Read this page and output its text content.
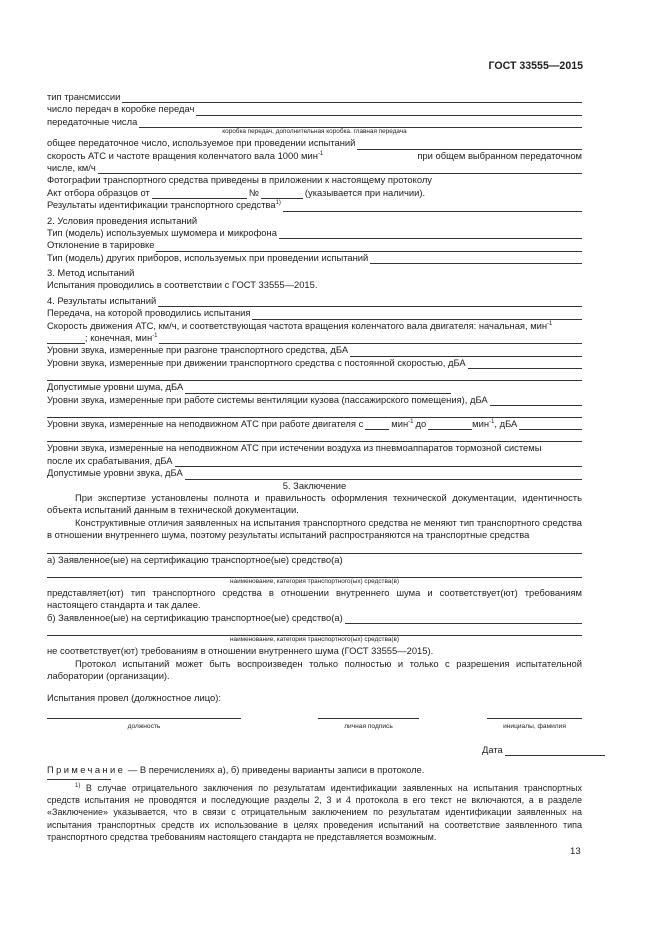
ГОСТ 33555—2015
тип трансмиссии
число передач в коробке передач
передаточные числа
коробка передач, дополнительная коробка. главная передача
общее передаточное число, используемое при проведении испытаний
скорость АТС и частоте вращения коленчатого вала 1000 мин$^{-1}$	при общем выбранном передаточном
числе, км/ч
Фотографии транспортного средства приведены в приложении к настоящему протоколу
Акт отбора образцов от	№	(указывается при наличии).
Результаты идентификации транспортного средства$^{1)}$
2. Условия проведения испытаний
Тип (модель) используемых шумомера и микрофона
Отклонение в тарировке
Тип (модель) других приборов, используемых при проведении испытаний
3. Метод испытаний
Испытания проводились в соответствии с ГОСТ 33555—2015.
4. Результаты испытаний
Передача, на которой проводились испытания
Скорость движения АТС, км/ч, и соответствующая частота вращения коленчатого вала двигателя: начальная, мин$^{-1}$
; конечная, мин$^{-1}$
Уровни звука, измеренные при разгоне транспортного средства, дБА
Уровни звука, измеренные при движении транспортного средства с постоянной скоростью, дБА
Допустимые уровни шума, дБА
Уровни звука, измеренные при работе системы вентиляции кузова (пассажирского помещения), дБА
Уровни звука, измеренные на неподвижном АТС при работе двигателя с	мин$^{-1}$ до	мин$^{-1}$ , дБА
Уровни звука, измеренные на неподвижном АТС при истечении воздуха из пневмоаппаратов тормозной системы
после их срабатывания, дБА
Допустимые уровни звука, дБА
5. Заключение
При экспертизе установлены полнота и правильность оформления технической документации, идентичность объекта испытаний данным в технической документации.
Конструктивные отличия заявленных на испытания транспортного средства не меняют тип транспортного средства в отношении внутреннего шума, поэтому результаты испытаний распространяются на транспортные средства
а) Заявленное(ые) на сертификацию транспортное(ые) средство(а)
наименование, категория транспортного(ых) средства(в)
представляет(ют) тип транспортного средства в отношении внутреннего шума и соответствует(ют) требованиям настоящего стандарта и так далее.
б) Заявленное(ые) на сертификацию транспортное(ые) средство(а)
наименование, категория транспортного(ых) средства(в)
не соответствует(ют) требованиям в отношении внутреннего шума (ГОСТ 33555—2015).
Протокол испытаний может быть воспроизведен только полностью и только с разрешения испытательной лаборатории (организации).
Испытания провел (должностное лицо):
должность	личная подпись	инициалы, фамилия
Дата
Примечание — В перечислениях а), б) приведены варианты записи в протоколе.
$^{1)}$ В случае отрицательного заключения по результатам идентификации заявленных на испытания транспортных средств испытания не проводятся и последующие разделы 2, 3 и 4 протокола в его текст не включаются, а в разделе «Заключение» указывается, что в связи с отрицательным заключением по результатам идентификации заявленных на испытания транспортных средств их использование в целях проведения испытаний на соответствие заявленного типа транспортного средства требованиям настоящего стандарта не представляется возможным.
13
